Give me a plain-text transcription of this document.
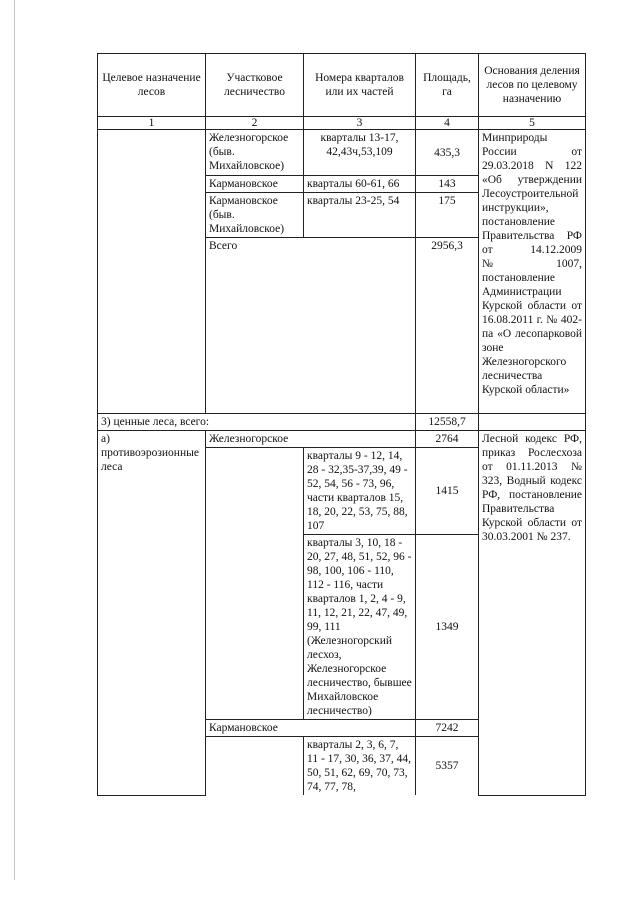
Целевое назначение лесов	Участковое лесничество	Номера кварталов или их частей	Площадь, га	Основания деления лесов по целевому назначению
1	2	3	4	5
	Железногорское (быв. Михайловское)	кварталы 13-17, 42,43ч,53,109	435,3	Минприроды России от 29.03.2018 N 122 «Об утверждении Лесоустроительной инструкции», постановление Правительства РФ от 14.12.2009 №1007, постановление Администрации Курской области от 16.08.2011 г. № 402-па «О лесопарковой зоне Железногорского лесничества Курской области»
	Кармановское	кварталы 60-61, 66	143	
	Кармановское (быв. Михайловское)	кварталы 23-25, 54	175	
	Всего		2956,3	
3) ценные леса, всего:			12558,7	
а) противоэрозионные леса	Железногорское		2764	Лесной кодекс РФ, приказ Рослесхоза от 01.11.2013 № 323, Водный кодекс РФ, постановление Правительства Курской области от 30.03.2001 № 237.
		кварталы 9 - 12, 14, 28 - 32,35-37,39, 49 - 52, 54, 56 - 73, 96, части кварталов 15, 18, 20, 22, 53, 75, 88, 107	1415	
		кварталы 3, 10, 18 - 20, 27, 48, 51, 52, 96 - 98, 100, 106 - 110, 112 - 116, части кварталов 1, 2, 4 - 9, 11, 12, 21, 22, 47, 49, 99, 111 (Железногорский лесхоз, Железногорское лесничество, бывшее Михайловское лесничество)	1349	
	Кармановское		7242	
		кварталы 2, 3, 6, 7, 11 - 17, 30, 36, 37, 44, 50, 51, 62, 69, 70, 73, 74, 77, 78,	5357	
